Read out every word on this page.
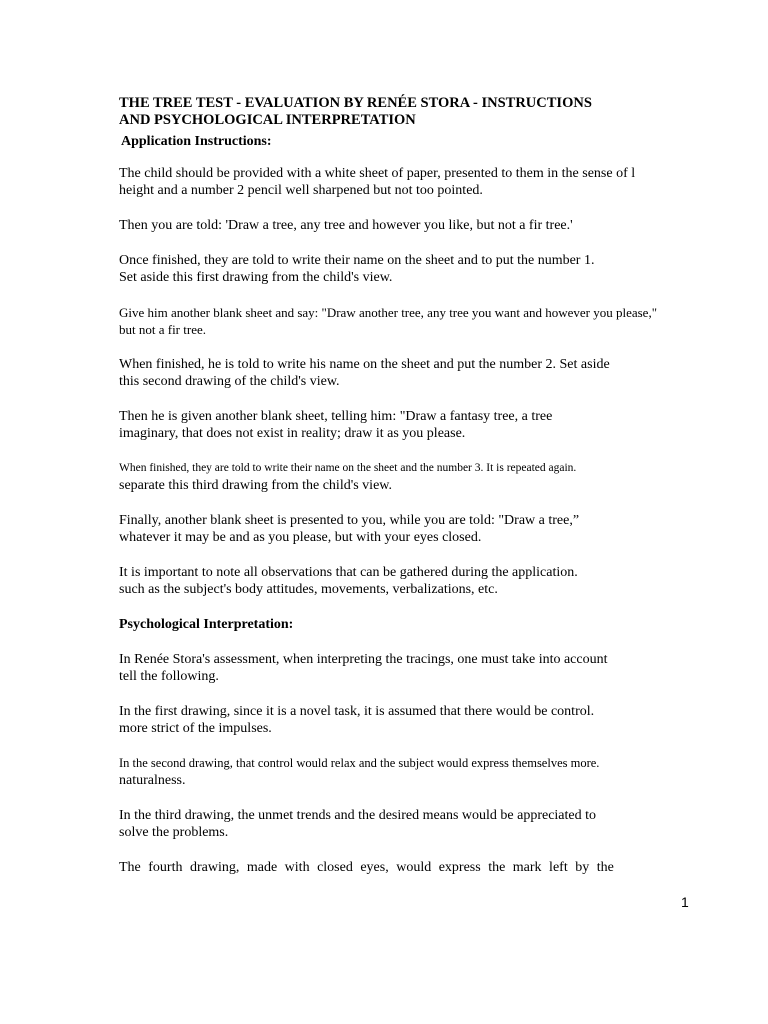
THE TREE TEST - EVALUATION BY RENÉE STORA - INSTRUCTIONS
AND PSYCHOLOGICAL INTERPRETATION
Application Instructions:

The child should be provided with a white sheet of paper, presented to them in the sense of l
height and a number 2 pencil well sharpened but not too pointed.

Then you are told: 'Draw a tree, any tree and however you like, but not a fir tree.'

Once finished, they are told to write their name on the sheet and to put the number 1.
Set aside this first drawing from the child's view.

Give him another blank sheet and say: "Draw another tree, any tree you want and however you please,"
but not a fir tree.

When finished, he is told to write his name on the sheet and put the number 2. Set aside
this second drawing of the child's view.

Then he is given another blank sheet, telling him: "Draw a fantasy tree, a tree
imaginary, that does not exist in reality; draw it as you please.

When finished, they are told to write their name on the sheet and the number 3. It is repeated again.
separate this third drawing from the child's view.

Finally, another blank sheet is presented to you, while you are told: "Draw a tree,”
whatever it may be and as you please, but with your eyes closed.

It is important to note all observations that can be gathered during the application.
such as the subject's body attitudes, movements, verbalizations, etc.

Psychological Interpretation:

In Renée Stora's assessment, when interpreting the tracings, one must take into account
tell the following.

In the first drawing, since it is a novel task, it is assumed that there would be control.
more strict of the impulses.

In the second drawing, that control would relax and the subject would express themselves more.
naturalness.

In the third drawing, the unmet trends and the desired means would be appreciated to
solve the problems.

The fourth drawing, made with closed eyes, would express the mark left by the

1
